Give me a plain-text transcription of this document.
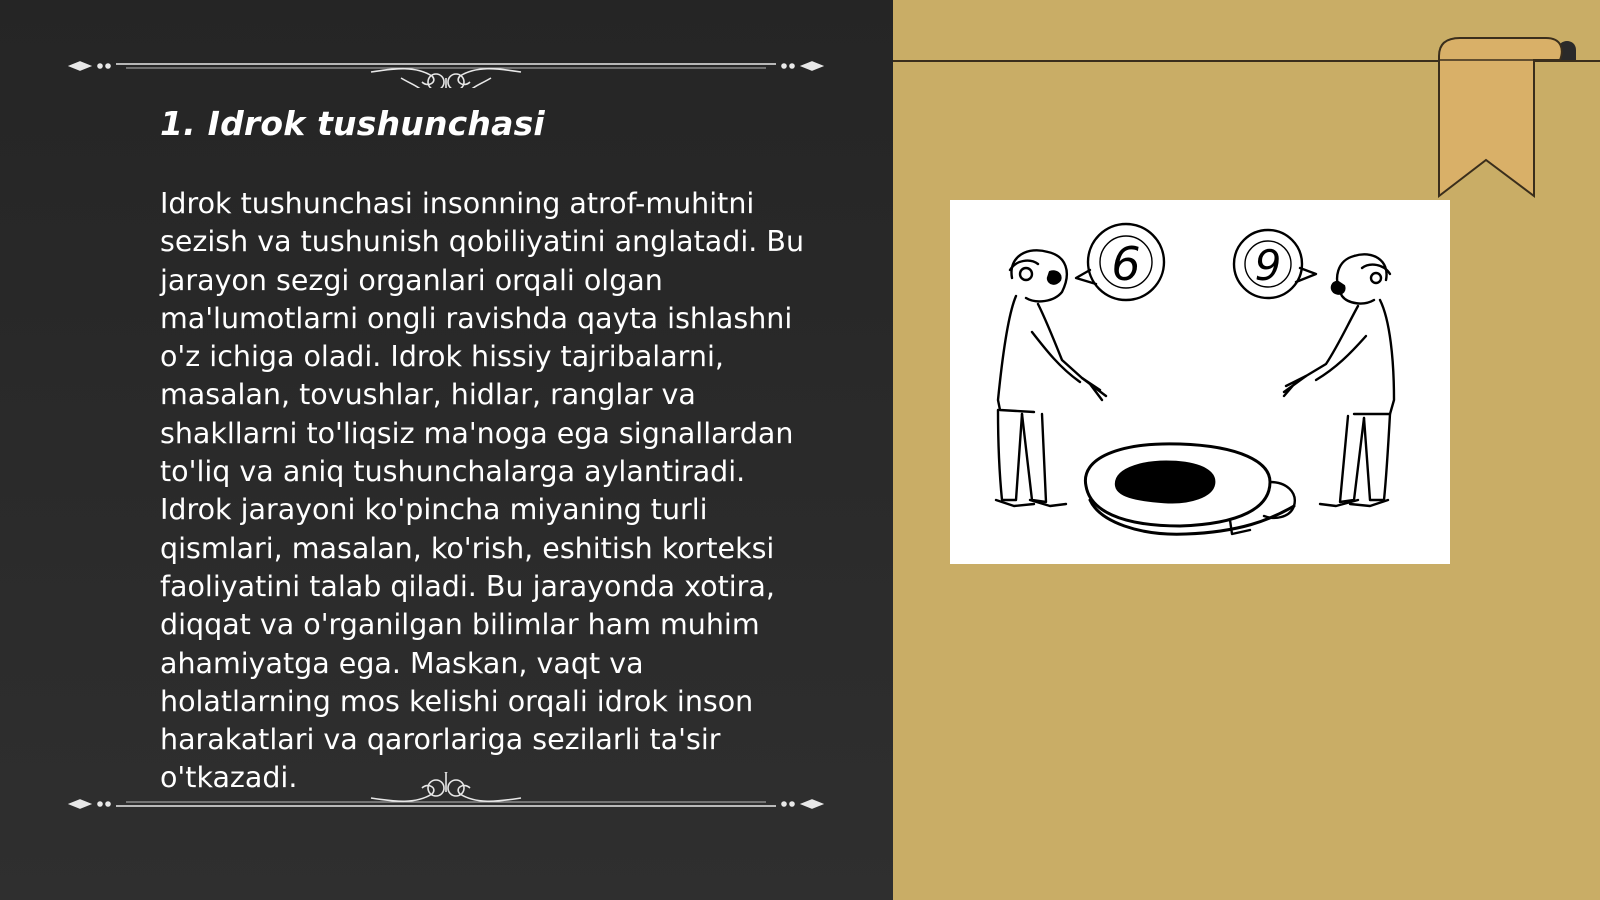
1. Idrok tushunchasi

Idrok tushunchasi insonning atrof-muhitni
sezish va tushunish qobiliyatini anglatadi. Bu
jarayon sezgi organlari orqali olgan
ma'lumotlarni ongli ravishda qayta ishlashni
o'z ichiga oladi. Idrok hissiy tajribalarni,
masalan, tovushlar, hidlar, ranglar va
shakllarni to'liqsiz ma'noga ega signallardan
to'liq va aniq tushunchalarga aylantiradi.
Idrok jarayoni ko'pincha miyaning turli
qismlari, masalan, ko'rish, eshitish korteksi
faoliyatini talab qiladi. Bu jarayonda xotira,
diqqat va o'rganilgan bilimlar ham muhim
ahamiyatga ega. Maskan, vaqt va
holatlarning mos kelishi orqali idrok inson
harakatlari va qarorlariga sezilarli ta'sir
o'tkazadi.

6	9
